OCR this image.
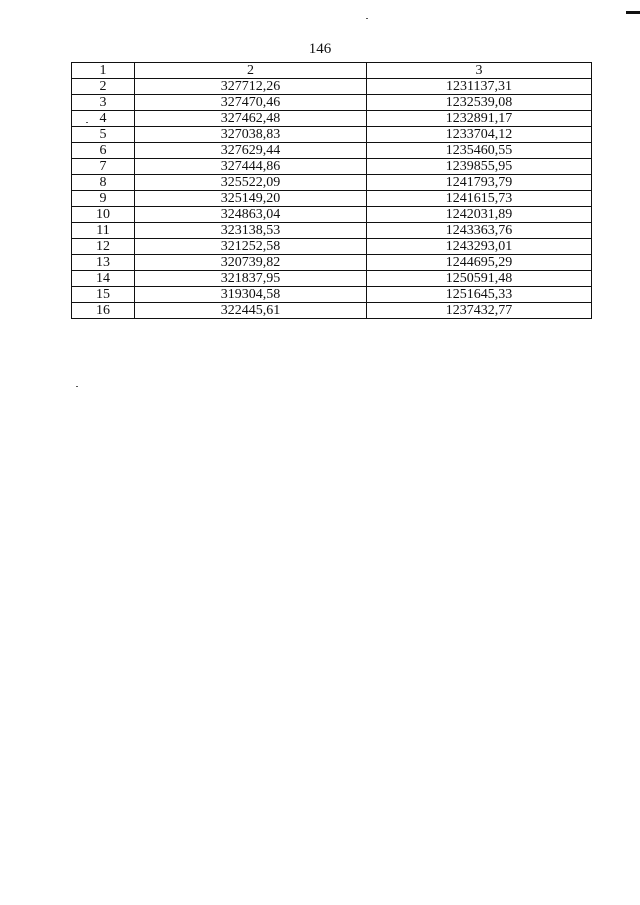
146
1	2	3
2	327712,26	1231137,31
3	327470,46	1232539,08
4	327462,48	1232891,17
5	327038,83	1233704,12
6	327629,44	1235460,55
7	327444,86	1239855,95
8	325522,09	1241793,79
9	325149,20	1241615,73
10	324863,04	1242031,89
11	323138,53	1243363,76
12	321252,58	1243293,01
13	320739,82	1244695,29
14	321837,95	1250591,48
15	319304,58	1251645,33
16	322445,61	1237432,77
